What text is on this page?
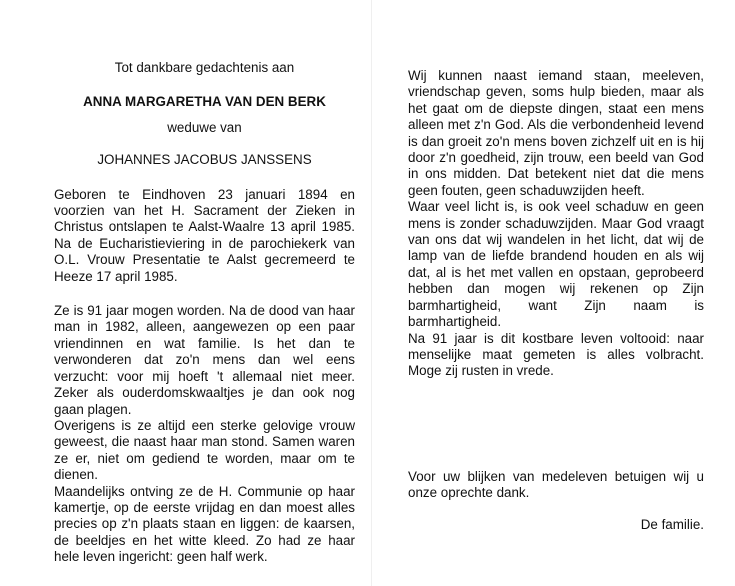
Tot dankbare gedachtenis aan
ANNA MARGARETHA VAN DEN BERK
weduwe van
JOHANNES JACOBUS JANSSENS

Geboren te Eindhoven 23 januari 1894 en voorzien van het H. Sacrament der Zieken in Christus ontslapen te Aalst-Waalre 13 april 1985. Na de Eucharistieviering in de parochiekerk van O.L. Vrouw Presentatie te Aalst gecremeerd te Heeze 17 april 1985.

Ze is 91 jaar mogen worden. Na de dood van haar man in 1982, alleen, aangewezen op een paar vriendinnen en wat familie. Is het dan te verwonderen dat zo'n mens dan wel eens verzucht: voor mij hoeft 't allemaal niet meer. Zeker als ouderdomskwaaltjes je dan ook nog gaan plagen.

Overigens is ze altijd een sterke gelovige vrouw geweest, die naast haar man stond. Samen waren ze er, niet om gediend te worden, maar om te dienen.

Maandelijks ontving ze de H. Communie op haar kamertje, op de eerste vrijdag en dan moest alles precies op z'n plaats staan en liggen: de kaarsen, de beeldjes en het witte kleed. Zo had ze haar hele leven ingericht: geen half werk.

Wij kunnen naast iemand staan, meeleven, vriendschap geven, soms hulp bieden, maar als het gaat om de diepste dingen, staat een mens alleen met z'n God. Als die verbondenheid levend is dan groeit zo'n mens boven zichzelf uit en is hij door z'n goedheid, zijn trouw, een beeld van God in ons midden. Dat betekent niet dat die mens geen fouten, geen schaduwzijden heeft.

Waar veel licht is, is ook veel schaduw en geen mens is zonder schaduwzijden. Maar God vraagt van ons dat wij wandelen in het licht, dat wij de lamp van de liefde brandend houden en als wij dat, al is het met vallen en opstaan, geprobeerd hebben dan mogen wij rekenen op Zijn barmhartigheid, want Zijn naam is barmhartigheid.

Na 91 jaar is dit kostbare leven voltooid: naar menselijke maat gemeten is alles volbracht. Moge zij rusten in vrede.

Voor uw blijken van medeleven betuigen wij u onze oprechte dank.

De familie.
